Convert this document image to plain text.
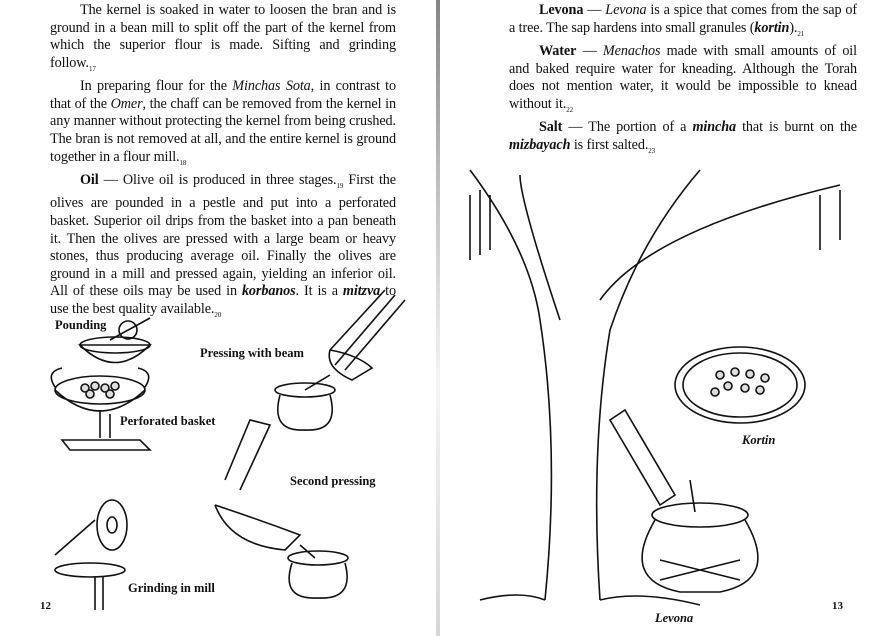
The kernel is soaked in water to loosen the bran and is ground in a bean mill to split off the part of the kernel from which the superior flour is made. Sifting and grinding $follow._{17}$

In preparing flour for the Minchas Sota, in contrast to that of the Omer, the chaff can be removed from the kernel in any manner without protecting the kernel from being crushed. The bran is not removed at all, and the entire kernel is ground together in a flour $mill._{18}$

Oil — Olive oil is produced in three $stages._{19}$ First the olives are pounded in a pestle and put into a perforated basket. Superior oil drips from the basket into a pan beneath it. Then the olives are pressed with a large beam or heavy stones, thus producing average oil. Finally the olives are ground in a mill and pressed again, yielding an inferior oil. All of these oils may be used in korbanos. It is a mitzva to use the best quality $available._{20}$

Levona — Levona is a spice that comes from the sap of a tree. The sap hardens into small granules $(kortin)._{21}$

Water — Menachos made with small amounts of oil and baked require water for kneading. Although the Torah does not mention water, it would be impossible to knead without $it._{22}$

Salt — The portion of a mincha that is burnt on the mizbayach is first $salted._{23}$

Pounding
Pressing with beam
Perforated basket
Second pressing
Grinding in mill
12
Kortin
Levona
13
